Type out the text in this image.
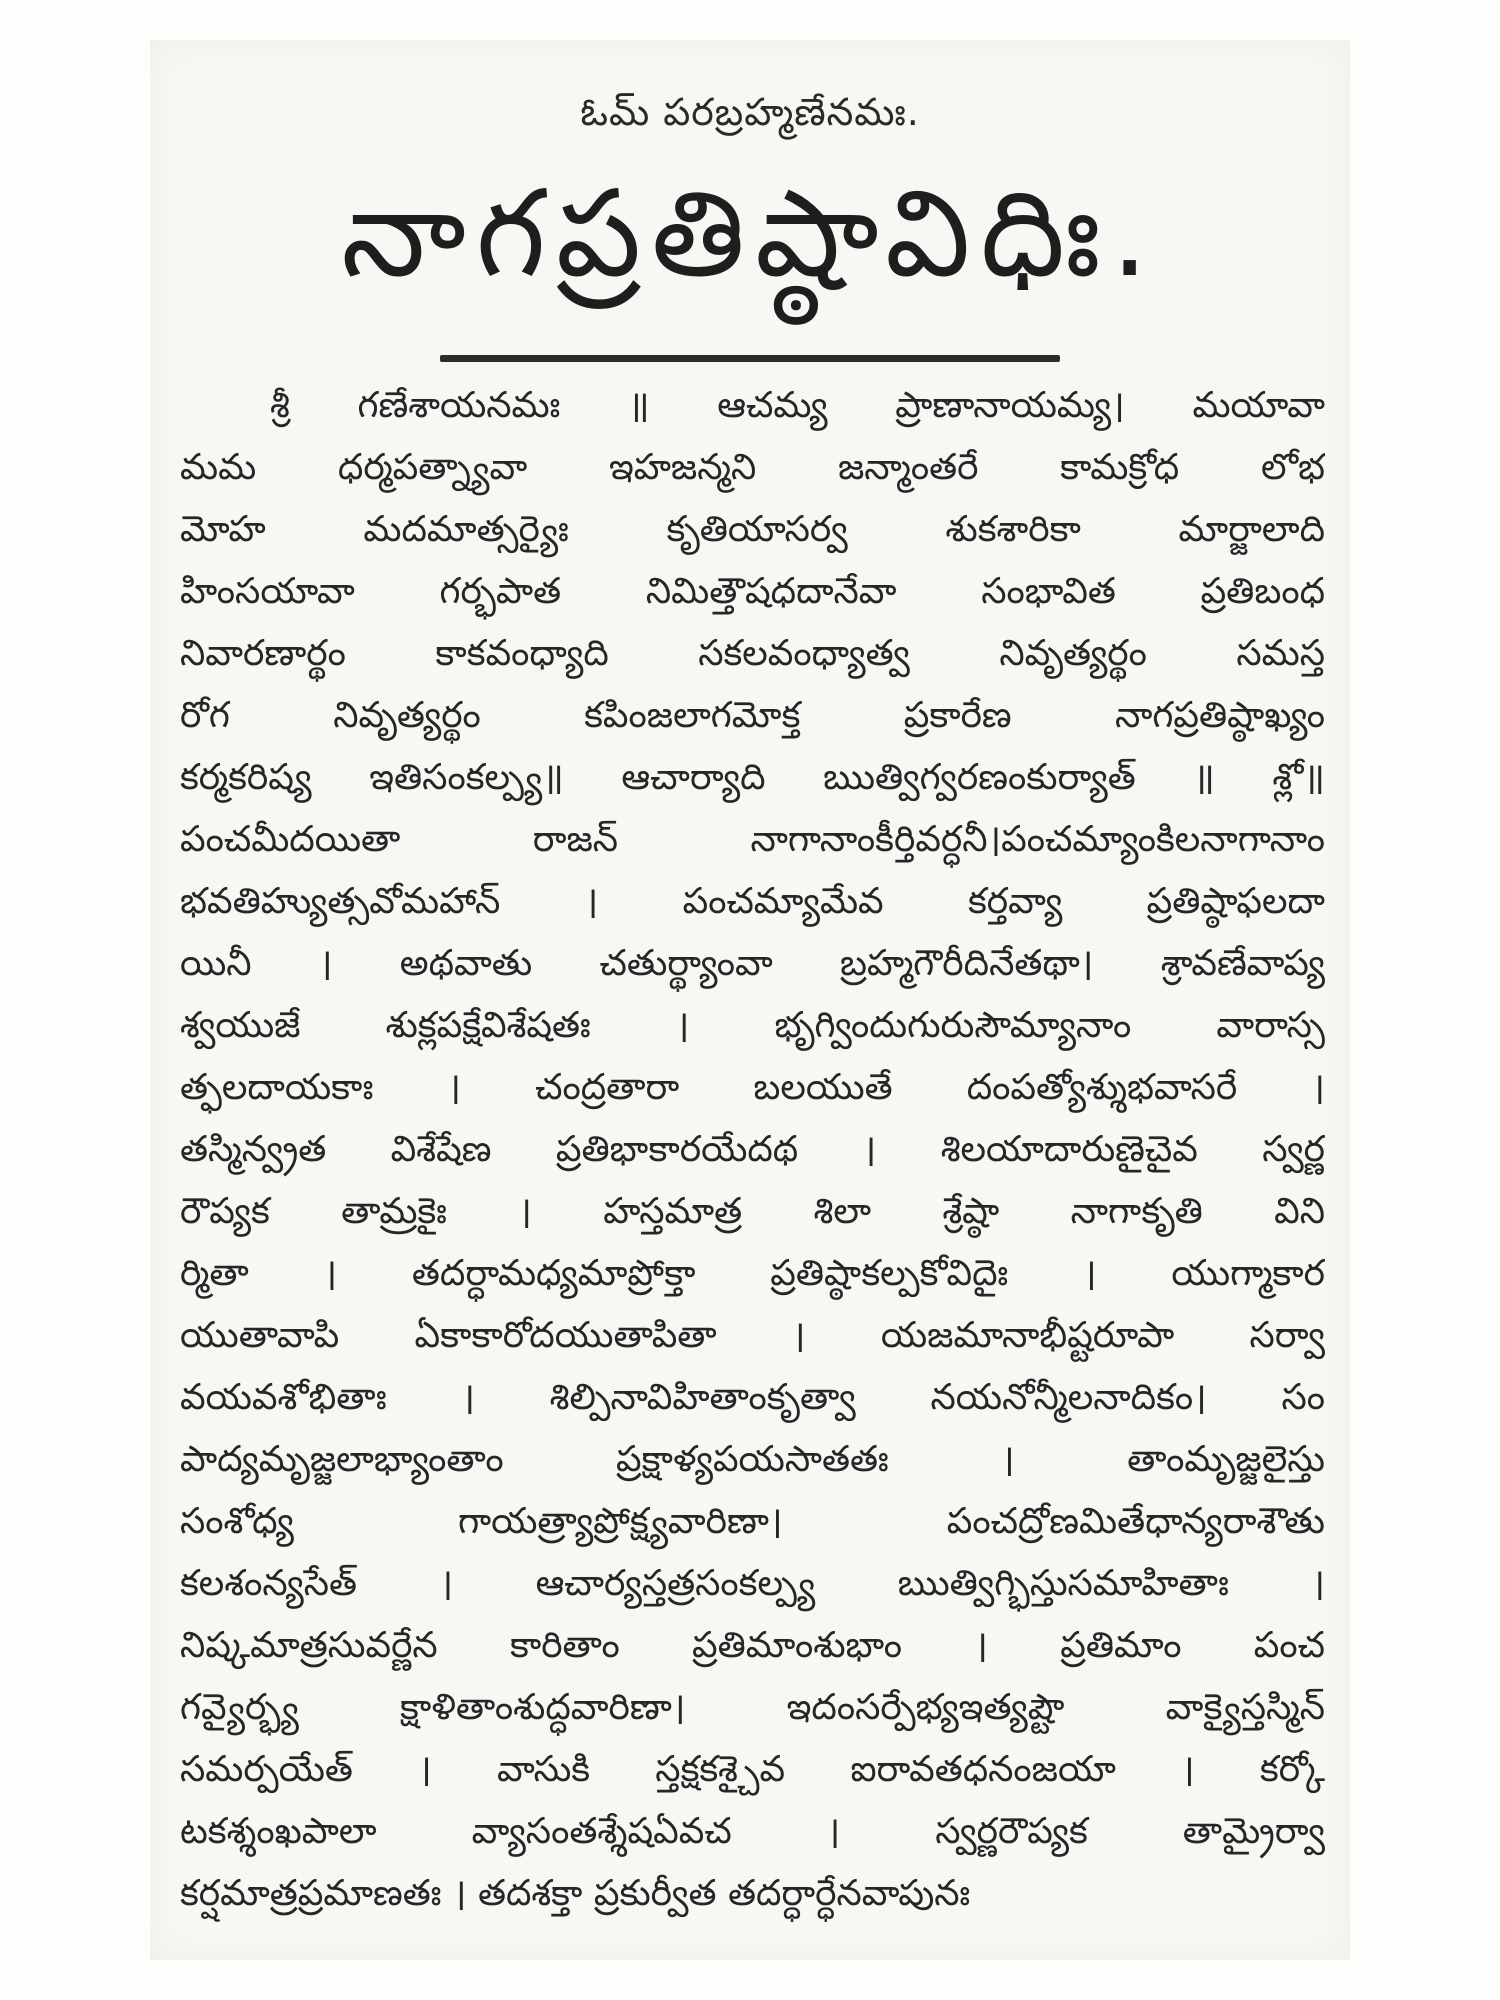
ఓమ్ పరబ్రహ్మణేనమః.
నాగప్రతిష్ఠావిధిః.
శ్రీ గణేశాయనమః ॥ ఆచమ్య ప్రాణానాయమ్య। మయావా
మమ ధర్మపత్న్యావా ఇహజన్మని జన్మాంతరే కామక్రోధ లోభ
మోహ మదమాత్సర్యైః కృతియాసర్వ శుకశారికా మార్జాలాది
హింసయావా గర్భపాత నిమిత్తౌషధదానేవా సంభావిత ప్రతిబంధ
నివారణార్థం కాకవంధ్యాది సకలవంధ్యాత్వ నివృత్యర్థం సమస్త
రోగ నివృత్యర్థం కపింజలాగమోక్త ప్రకారేణ నాగప్రతిష్ఠాఖ్యం
కర్మకరిష్య ఇతిసంకల్ప్య॥ ఆచార్యాది ఋత్విగ్వరణంకుర్యాత్ ॥ శ్లో॥
పంచమీదయితా రాజన్ నాగానాంకీర్తివర్ధనీ।పంచమ్యాంకిలనాగానాం
భవతిహ్యుత్సవోమహాన్ । పంచమ్యామేవ కర్తవ్యా ప్రతిష్ఠాఫలదా
యినీ । అథవాతు చతుర్థ్యాంవా బ్రహ్మగౌరీదినేతథా। శ్రావణేవాప్య
శ్వయుజే శుక్లపక్షేవిశేషతః । భృగ్విందుగురుసౌమ్యానాం వారాస్స
త్ఫలదాయకాః । చంద్రతారా బలయుతే దంపత్యోశ్శుభవాసరే ।
తస్మిన్వ్రత విశేషేణ ప్రతిభాకారయేదథ । శిలయాదారుణైచైవ స్వర్ణ
రౌప్యక తామ్రకైః । హస్తమాత్ర శిలా శ్రేష్ఠా నాగాకృతి విని
ర్మితా । తదర్ధామధ్యమాప్రోక్తా ప్రతిష్ఠాకల్పకోవిదైః । యుగ్మాకార
యుతావాపి ఏకాకారోదయుతాపితా । యజమానాభీష్టరూపా సర్వా
వయవశోభితాః । శిల్పినావిహితాంకృత్వా నయనోన్మీలనాదికం। సం
పాద్యమృజ్జలాభ్యాంతాం ప్రక్షాళ్యపయసాతతః । తాంమృజ్జలైస్తు
సంశోధ్య గాయత్ర్యాప్రోక్ష్యవారిణా। పంచద్రోణమితేధాన్యరాశౌతు
కలశంన్యసేత్ । ఆచార్యస్తత్రసంకల్ప్య ఋత్విగ్భిస్తుసమాహితాః ।
నిష్కమాత్రసువర్ణేన కారితాం ప్రతిమాంశుభాం । ప్రతిమాం పంచ
గవ్యైర్భ్య క్షాళితాంశుద్ధవారిణా। ఇదంసర్పేభ్యఇత్యష్టౌ వాక్యైస్తస్మిన్
సమర్పయేత్ । వాసుకి స్తక్షకశ్చైవ ఐరావతధనంజయా । కర్కో
టకశ్శంఖపాలా వ్యాసంతశ్శేషఏవచ । స్వర్ణరౌప్యక తామ్రైర్వా
కర్షమాత్రప్రమాణతః । తదశక్తా ప్రకుర్వీత తదర్ధార్ధేనవాపునః
